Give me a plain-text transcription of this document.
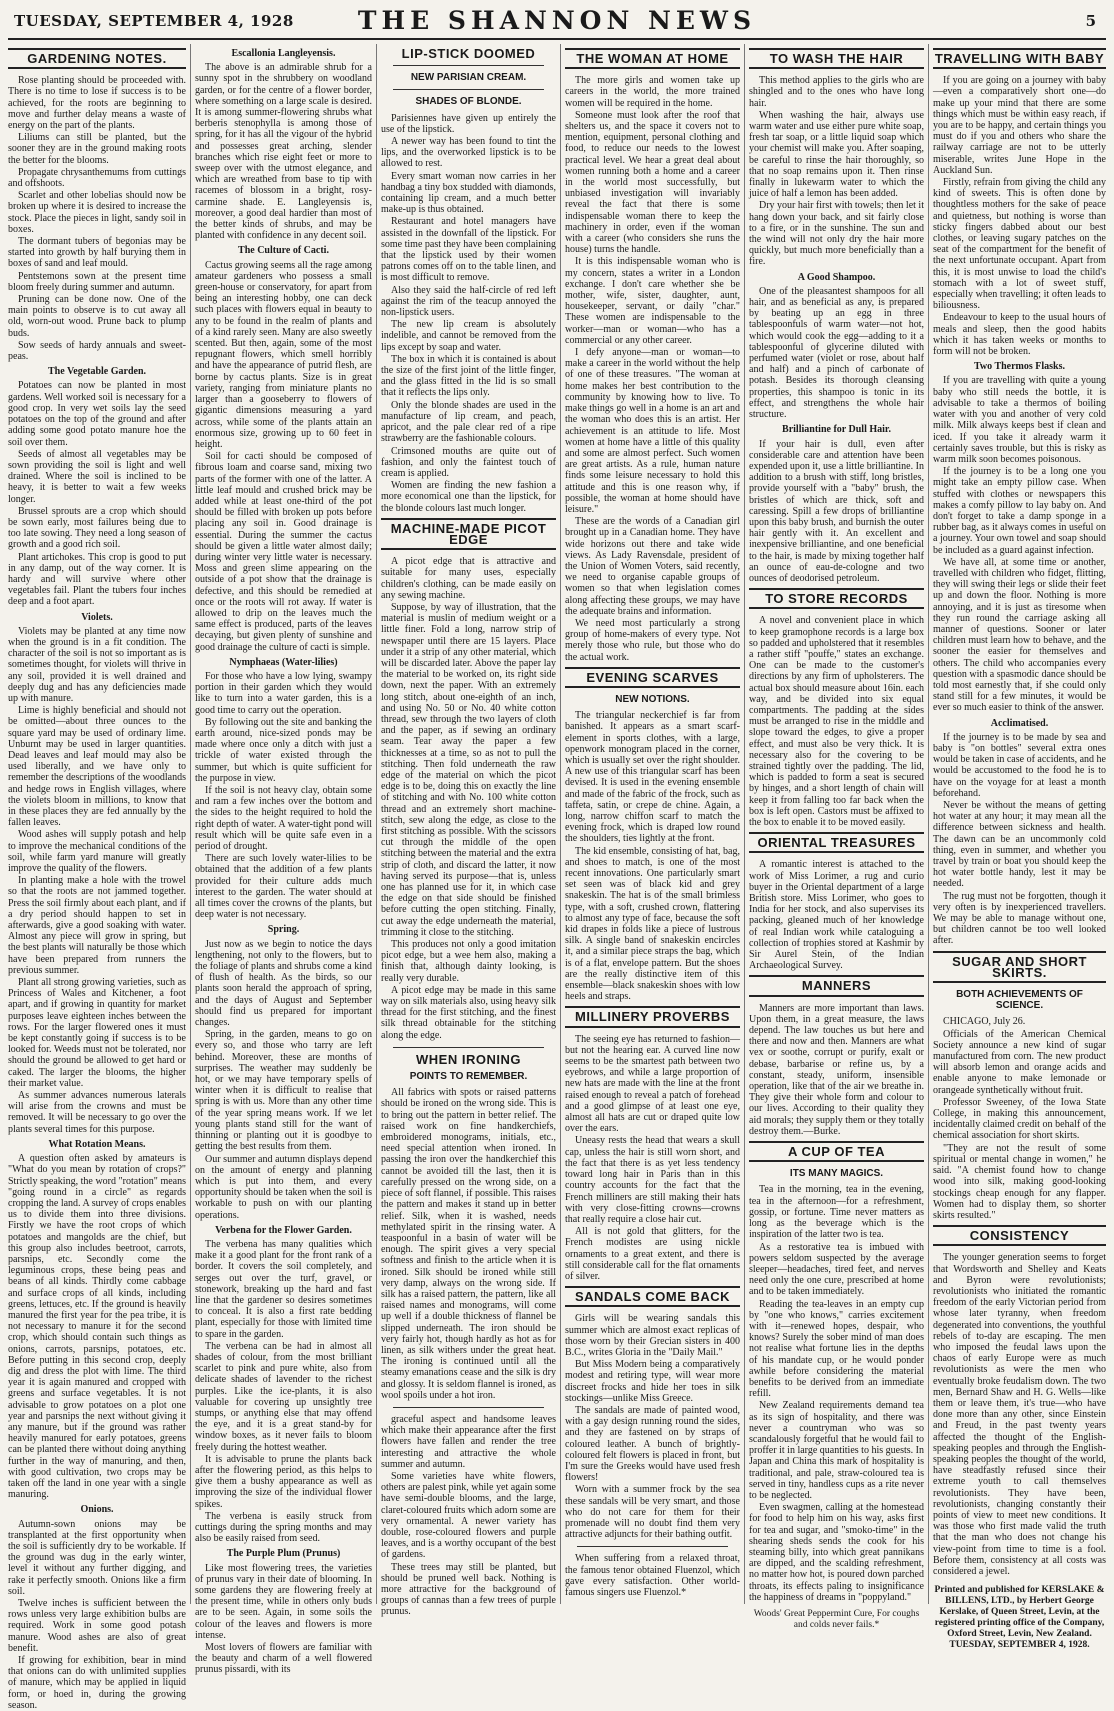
TUESDAY, SEPTEMBER 4, 1928	THE SHANNON NEWS	5
GARDENING NOTES.

Rose planting should be proceeded with. There is no time to lose if success is to be achieved, for the roots are beginning to move and further delay means a waste of energy on the part of the plants.

Liliums can still be planted, but the sooner they are in the ground making roots the better for the blooms.

Propagate chrysanthemums from cuttings and offshoots.

Scarlet and other lobelias should now be broken up where it is desired to increase the stock. Place the pieces in light, sandy soil in boxes.

The dormant tubers of begonias may be started into growth by half burying them in boxes of sand and leaf mould.

Pentstemons sown at the present time bloom freely during summer and autumn.

Pruning can be done now. One of the main points to observe is to cut away all old, worn-out wood. Prune back to plump buds.

Sow seeds of hardy annuals and sweet-peas.

The Vegetable Garden.

Potatoes can now be planted in most gardens. Well worked soil is necessary for a good crop. In very wet soils lay the seed potatoes on the top of the ground and after adding some good potato manure hoe the soil over them.

Seeds of almost all vegetables may be sown providing the soil is light and well drained. Where the soil is inclined to be heavy, it is better to wait a few weeks longer.

Brussel sprouts are a crop which should be sown early, most failures being due to too late sowing. They need a long season of growth and a good rich soil.

Plant artichokes. This crop is good to put in any damp, out of the way corner. It is hardy and will survive where other vegetables fail. Plant the tubers four inches deep and a foot apart.

Violets.

Violets may be planted at any time now when the ground is in a fit condition. The character of the soil is not so important as is sometimes thought, for violets will thrive in any soil, provided it is well drained and deeply dug and has any deficiencies made up with manure.

Lime is highly beneficial and should not be omitted—about three ounces to the square yard may be used of ordinary lime. Unburnt may be used in larger quantities. Dead leaves and leaf mould may also be used liberally, and we have only to remember the descriptions of the woodlands and hedge rows in English villages, where the violets bloom in millions, to know that in these places they are fed annually by the fallen leaves.

Wood ashes will supply potash and help to improve the mechanical conditions of the soil, while farm yard manure will greatly improve the quality of the flowers.

In planting make a hole with the trowel so that the roots are not jammed together. Press the soil firmly about each plant, and if a dry period should happen to set in afterwards, give a good soaking with water. Almost any piece will grow in spring, but the best plants will naturally be those which have been prepared from runners the previous summer.

Plant all strong growing varieties, such as Princess of Wales and Kitchener, a foot apart, and if growing in quantity for market purposes leave eighteen inches between the rows. For the larger flowered ones it must be kept constantly going if success is to be looked for. Weeds must not be tolerated, nor should the ground be allowed to get hard or caked. The larger the blooms, the higher their market value.

As summer advances numerous laterals will arise from the crowns and must be removed. It will be necessary to go over the plants several times for this purpose.

What Rotation Means.

A question often asked by amateurs is "What do you mean by rotation of crops?" Strictly speaking, the word "rotation" means "going round in a circle" as regards cropping the land. A survey of crops enables us to divide them into three divisions. Firstly we have the root crops of which potatoes and mangolds are the chief, but this group also includes beetroot, carrots, parsnips, etc. Secondly come the leguminous crops, these being peas and beans of all kinds. Thirdly come cabbage and surface crops of all kinds, including greens, lettuces, etc. If the ground is heavily manured the first year for the pea tribe, it is not necessary to manure it for the second crop, which should contain such things as onions, carrots, parsnips, potatoes, etc. Before putting in this second crop, deeply dig and dress the plot with lime. The third year it is again manured and cropped with greens and surface vegetables. It is not advisable to grow potatoes on a plot one year and parsnips the next without giving it any manure, but if the ground was rather heavily manured for early potatoes, greens can be planted there without doing anything further in the way of manuring, and then, with good cultivation, two crops may be taken off the land in one year with a single manuring.

Onions.

Autumn-sown onions may be transplanted at the first opportunity when the soil is sufficiently dry to be workable. If the ground was dug in the early winter, level it without any further digging, and rake it perfectly smooth. Onions like a firm soil.

Twelve inches is sufficient between the rows unless very large exhibition bulbs are required. Work in some good potash manure. Wood ashes are also of great benefit.

If growing for exhibition, bear in mind that onions can do with unlimited supplies of manure, which may be applied in liquid form, or hoed in, during the growing season.

Escallonia Langleyensis.

The above is an admirable shrub for a sunny spot in the shrubbery on woodland garden, or for the centre of a flower border, where something on a large scale is desired. It is among summer-flowering shrubs what berberis stenophylla is among those of spring, for it has all the vigour of the hybrid and possesses great arching, slender branches which rise eight feet or more to sweep over with the utmost elegance, and which are wreathed from base to tip with racemes of blossom in a bright, rosy-carmine shade. E. Langleyensis is, moreover, a good deal hardier than most of the better kinds of shrubs, and may be planted with confidence in any decent soil.

The Culture of Cacti.

Cactus growing seems all the rage among amateur gardeners who possess a small green-house or conservatory, for apart from being an interesting hobby, one can deck such places with flowers equal in beauty to any to be found in the realm of plants and of a kind rarely seen. Many are also sweetly scented. But then, again, some of the most repugnant flowers, which smell horribly and have the appearance of putrid flesh, are borne by cactus plants. Size is in great variety, ranging from miniature plants no larger than a gooseberry to flowers of gigantic dimensions measuring a yard across, while some of the plants attain an enormous size, growing up to 60 feet in height.

Soil for cacti should be composed of fibrous loam and coarse sand, mixing two parts of the former with one of the latter. A little leaf mould and crushed brick may be added while at least one-third of the pot should be filled with broken up pots before placing any soil in. Good drainage is essential. During the summer the cactus should be given a little water almost daily; during winter very little water is necessary. Moss and green slime appearing on the outside of a pot show that the drainage is defective, and this should be remedied at once or the roots will rot away. If water is allowed to drip on the leaves much the same effect is produced, parts of the leaves decaying, but given plenty of sunshine and good drainage the culture of cacti is simple.

Nymphaeas (Water-lilies)

For those who have a low lying, swampy portion in their garden which they would like to turn into a water garden, this is a good time to carry out the operation.

By following out the site and banking the earth around, nice-sized ponds may be made where once only a ditch with just a trickle of water existed through the summer, but which is quite sufficient for the purpose in view.

If the soil is not heavy clay, obtain some and ram a few inches over the bottom and the sides to the height required to hold the right depth of water. A water-tight pond will result which will be quite safe even in a period of drought.

There are such lovely water-lilies to be obtained that the addition of a few plants provided for their culture adds much interest to the garden. The water should at all times cover the crowns of the plants, but deep water is not necessary.

Spring.

Just now as we begin to notice the days lengthening, not only to the flowers, but to the foliage of plants and shrubs come a kind of flush of health. As the birds, so our plants soon herald the approach of spring, and the days of August and September should find us prepared for important changes.

Spring, in the garden, means to go on every so, and those who tarry are left behind. Moreover, these are months of surprises. The weather may suddenly be hot, or we may have temporary spells of winter when it is difficult to realise that spring is with us. More than any other time of the year spring means work. If we let young plants stand still for the want of thinning or planting out it is goodbye to getting the best results from them.

Our summer and autumn displays depend on the amount of energy and planning which is put into them, and every opportunity should be taken when the soil is workable to push on with our planting operations.

Verbena for the Flower Garden.

The verbena has many qualities which make it a good plant for the front rank of a border. It covers the soil completely, and serges out over the turf, gravel, or stonework, breaking up the hard and fast line that the gardener so desires sometimes to conceal. It is also a first rate bedding plant, especially for those with limited time to spare in the garden.

The verbena can be had in almost all shades of colour, from the most brilliant scarlet to pink and pure white, also from delicate shades of lavender to the richest purples. Like the ice-plants, it is also valuable for covering up unsightly tree stumps, or anything else that may offend the eye, and it is a great stand-by for window boxes, as it never fails to bloom freely during the hottest weather.

It is advisable to prune the plants back after the flowering period, as this helps to give them a bushy appearance as well as improving the size of the individual flower spikes.

The verbena is easily struck from cuttings during the spring months and may also be easily raised from seed.

The Purple Plum (Prunus)

Like most flowering trees, the varieties of prunus vary in their date of blooming. In some gardens they are flowering freely at the present time, while in others only buds are to be seen. Again, in some soils the colour of the leaves and flowers is more intense.

Most lovers of flowers are familiar with the beauty and charm of a well flowered prunus pissardi, with its

LIP-STICK DOOMED
NEW PARISIAN CREAM.
SHADES OF BLONDE.

Parisiennes have given up entirely the use of the lipstick.

A newer way has been found to tint the lips, and the overworked lipstick is to be allowed to rest.

Every smart woman now carries in her handbag a tiny box studded with diamonds, containing lip cream, and a much better make-up is thus obtained.

Restaurant and hotel managers have assisted in the downfall of the lipstick. For some time past they have been complaining that the lipstick used by their women patrons comes off on to the table linen, and is most difficult to remove.

Also they said the half-circle of red left against the rim of the teacup annoyed the non-lipstick users.

The new lip cream is absolutely indelible, and cannot be removed from the lips except by soap and water.

The box in which it is contained is about the size of the first joint of the little finger, and the glass fitted in the lid is so small that it reflects the lips only.

Only the blonde shades are used in the manufacture of lip cream, and peach, apricot, and the pale clear red of a ripe strawberry are the fashionable colours.

Crimsoned mouths are quite out of fashion, and only the faintest touch of cream is applied.

Women are finding the new fashion a more economical one than the lipstick, for the blonde colours last much longer.

MACHINE-MADE PICOT EDGE

A picot edge that is attractive and suitable for many uses, especially children's clothing, can be made easily on any sewing machine.

Suppose, by way of illustration, that the material is muslin of medium weight or a little finer. Fold a long, narrow strip of newspaper until there are 15 layers. Place under it a strip of any other material, which will be discarded later. Above the paper lay the material to be worked on, its right side down, next the paper. With an extremely long stitch, about one-eighth of an inch, and using No. 50 or No. 40 white cotton thread, sew through the two layers of cloth and the paper, as if sewing an ordinary seam. Tear away the paper a few thicknesses at a time, so as not to pull the stitching. Then fold underneath the raw edge of the material on which the picot edge is to be, doing this on exactly the line of stitching and with No. 100 white cotton thread and an extremely short machine-stitch, sew along the edge, as close to the first stitching as possible. With the scissors cut through the middle of the open stitching between the material and the extra strip of cloth, and discard the latter, it now having served its purpose—that is, unless one has planned use for it, in which case the edge on that side should be finished before cutting the open stitching. Finally, cut away the edge underneath the material, trimming it close to the stitching.

This produces not only a good imitation picot edge, but a wee hem also, making a finish that, although dainty looking, is really very durable.

A picot edge may be made in this same way on silk materials also, using heavy silk thread for the first stitching, and the finest silk thread obtainable for the stitching along the edge.

WHEN IRONING
POINTS TO REMEMBER.

All fabrics with spots or raised patterns should be ironed on the wrong side. This is to bring out the pattern in better relief. The raised work on fine handkerchiefs, embroidered monograms, initials, etc., need special attention when ironed. In passing the iron over the handkerchief this cannot be avoided till the last, then it is carefully pressed on the wrong side, on a piece of soft flannel, if possible. This raises the pattern and makes it stand up in better relief. Silk, when it is washed, needs methylated spirit in the rinsing water. A teaspoonful in a basin of water will be enough. The spirit gives a very special softness and finish to the article when it is ironed. Silk should be ironed while still very damp, always on the wrong side. If silk has a raised pattern, the pattern, like all raised names and monograms, will come up well if a double thickness of flannel be slipped underneath. The iron should be very fairly hot, though hardly as hot as for linen, as silk withers under the great heat. The ironing is continued until all the steamy emanations cease and the silk is dry and glossy. It is seldom flannel is ironed, as wool spoils under a hot iron.

graceful aspect and handsome leaves which make their appearance after the first flowers have fallen and render the tree interesting and attractive the whole summer and autumn.

Some varieties have white flowers, others are palest pink, while yet again some have semi-double blooms, and the large, claret-coloured fruits which adorn some are very ornamental. A newer variety has double, rose-coloured flowers and purple leaves, and is a worthy occupant of the best of gardens.

These trees may still be planted, but should be pruned well back. Nothing is more attractive for the background of groups of cannas than a few trees of purple prunus.

THE WOMAN AT HOME

The more girls and women take up careers in the world, the more trained women will be required in the home.

Someone must look after the roof that shelters us, and the space it covers not to mention, equipment, personal clothing and food, to reduce our needs to the lowest practical level. We hear a great deal about women running both a home and a career in the world most successfully, but unbiased investigation will invariably reveal the fact that there is some indispensable woman there to keep the machinery in order, even if the woman with a career (who considers she runs the house) turns the handle.

It is this indispensable woman who is my concern, states a writer in a London exchange. I don't care whether she be mother, wife, sister, daughter, aunt, housekeeper, servant, or daily "char." These women are indispensable to the worker—man or woman—who has a commercial or any other career.

I defy anyone—man or woman—to make a career in the world without the help of one of these treasures. "The woman at home makes her best contribution to the community by knowing how to live. To make things go well in a home is an art and the woman who does this is an artist. Her achievement is an attitude to life. Most women at home have a little of this quality and some are almost perfect. Such women are great artists. As a rule, human nature finds some leisure necessary to hold this attitude and this is one reason why, if possible, the woman at home should have leisure."

These are the words of a Canadian girl brought up in a Canadian home. They have wide horizons out there and take wide views. As Lady Ravensdale, president of the Union of Women Voters, said recently, we need to organise capable groups of women so that when legislation comes along affecting these groups, we may have the adequate brains and information.

We need most particularly a strong group of home-makers of every type. Not merely those who rule, but those who do the actual work.

EVENING SCARVES
NEW NOTIONS.

The triangular neckerchief is far from banished. It appears as a smart scarf-element in sports clothes, with a large, openwork monogram placed in the corner, which is usually set over the right shoulder. A new use of this triangular scarf has been devised. It is used in the evening ensemble and made of the fabric of the frock, such as taffeta, satin, or crepe de chine. Again, a long, narrow chiffon scarf to match the evening frock, which is draped low round the shoulders, ties lightly at the front.

The kid ensemble, consisting of hat, bag, and shoes to match, is one of the most recent innovations. One particularly smart set seen was of black kid and grey snakeskin. The hat is of the small brimless type, with a soft, crushed crown, flattering to almost any type of face, because the soft kid drapes in folds like a piece of lustrous silk. A single band of snakeskin encircles it, and a similar piece straps the bag, which is of a flat, envelope pattern. But the shoes are the really distinctive item of this ensemble—black snakeskin shoes with low heels and straps.

MILLINERY PROVERBS

The seeing eye has returned to fashion—but not the hearing ear. A curved line now seems to be the smartest path between two eyebrows, and while a large proportion of new hats are made with the line at the front raised enough to reveal a patch of forehead and a good glimpse of at least one eye, almost all hats are cut or draped quite low over the ears.

Uneasy rests the head that wears a skull cap, unless the hair is still worn short, and the fact that there is as yet less tendency toward long hair in Paris than in this country accounts for the fact that the French milliners are still making their hats with very close-fitting crowns—crowns that really require a close hair cut.

All is not gold that glitters, for the French modistes are using nickle ornaments to a great extent, and there is still considerable call for the flat ornaments of silver.

SANDALS COME BACK

Girls will be wearing sandals this summer which are almost exact replicas of those worn by their Grecian sisters in 400 B.C., writes Gloria in the "Daily Mail."

But Miss Modern being a comparatively modest and retiring type, will wear more discreet frocks and hide her toes in silk stockings—unlike Miss Greece.

The sandals are made of painted wood, with a gay design running round the sides, and they are fastened on by straps of coloured leather. A bunch of brightly-coloured felt flowers is placed in front, but I'm sure the Greeks would have used fresh flowers!

Worn with a summer frock by the sea these sandals will be very smart, and those who do not care for them for their promenade will no doubt find them very attractive adjuncts for their bathing outfit.

When suffering from a relaxed throat, the famous tenor obtained Fluenzol, which gave every satisfaction. Other world-famous singers use Fluenzol.*

TO WASH THE HAIR

This method applies to the girls who are shingled and to the ones who have long hair.

When washing the hair, always use warm water and use either pure white soap, fresh tar soap, or a little liquid soap which your chemist will make you. After soaping, be careful to rinse the hair thoroughly, so that no soap remains upon it. Then rinse finally in lukewarm water to which the juice of half a lemon has been added.

Dry your hair first with towels; then let it hang down your back, and sit fairly close to a fire, or in the sunshine. The sun and the wind will not only dry the hair more quickly, but much more beneficially than a fire.

A Good Shampoo.

One of the pleasantest shampoos for all hair, and as beneficial as any, is prepared by beating up an egg in three tablespoonfuls of warm water—not hot, which would cook the egg—adding to it a tablespoonful of glycerine diluted with perfumed water (violet or rose, about half and half) and a pinch of carbonate of potash. Besides its thorough cleansing properties, this shampoo is tonic in its effect, and strengthens the whole hair structure.

Brilliantine for Dull Hair.

If your hair is dull, even after considerable care and attention have been expended upon it, use a little brilliantine. In addition to a brush with stiff, long bristles, provide yourself with a "baby" brush, the bristles of which are thick, soft and caressing. Spill a few drops of brilliantine upon this baby brush, and burnish the outer hair gently with it. An excellent and inexpensive brilliantine, and one beneficial to the hair, is made by mixing together half an ounce of eau-de-cologne and two ounces of deodorised petroleum.

TO STORE RECORDS

A novel and convenient place in which to keep gramophone records is a large box so padded and upholstered that it resembles a rather stiff "pouffe," states an exchange. One can be made to the customer's directions by any firm of upholsterers. The actual box should measure about 16in. each way, and be divided into six equal compartments. The padding at the sides must be arranged to rise in the middle and slope toward the edges, to give a proper effect, and must also be very thick. It is necessary also for the covering to be strained tightly over the padding. The lid, which is padded to form a seat is secured by hinges, and a short length of chain will keep it from falling too far back when the box is left open. Castors must be affixed to the box to enable it to be moved easily.

ORIENTAL TREASURES

A romantic interest is attached to the work of Miss Lorimer, a rug and curio buyer in the Oriental department of a large British store. Miss Lorimer, who goes to India for her stock, and also supervises its packing, gleaned much of her knowledge of real Indian work while cataloguing a collection of trophies stored at Kashmir by Sir Aurel Stein, of the Indian Archaeological Survey.

MANNERS

Manners are more important than laws. Upon them, in a great measure, the laws depend. The law touches us but here and there and now and then. Manners are what vex or soothe, corrupt or purify, exalt or debase, barbarise or refine us, by a constant, steady, uniform, insensible operation, like that of the air we breathe in. They give their whole form and colour to our lives. According to their quality they aid morals; they supply them or they totally destroy them.—Burke.

A CUP OF TEA
ITS MANY MAGICS.

Tea in the morning, tea in the evening, tea in the afternoon—for a refreshment, gossip, or fortune. Time never matters as long as the beverage which is the inspiration of the latter two is tea.

As a restorative tea is imbued with powers seldom suspected by the average sleeper—headaches, tired feet, and nerves need only the one cure, prescribed at home and to be taken immediately.

Reading the tea-leaves in an empty cup by "one who knows," carries excitement with it—renewed hopes, despair, who knows? Surely the sober mind of man does not realise what fortune lies in the depths of his mandate cup, or he would ponder awhile before considering the material benefits to be derived from an immediate refill.

New Zealand requirements demand tea as its sign of hospitality, and there was never a countryman who was so scandalously forgetful that he would fail to proffer it in large quantities to his guests. In Japan and China this mark of hospitality is traditional, and pale, straw-coloured tea is served in tiny, handless cups as a rite never to be neglected.

Even swagmen, calling at the homestead for food to help him on his way, asks first for tea and sugar, and "smoko-time" in the shearing sheds sends the cook for his steaming billy, into which great pannikans are dipped, and the scalding refreshment, no matter how hot, is poured down parched throats, its effects paling to insignificance the happiness of dreams in "poppyland."

Woods' Great Peppermint Cure, For coughs and colds never fails.*

TRAVELLING WITH BABY

If you are going on a journey with baby—even a comparatively short one—do make up your mind that there are some things which must be within easy reach, if you are to be happy, and certain things you must do if you and others who share the railway carriage are not to be utterly miserable, writes June Hope in the Auckland Sun.

Firstly, refrain from giving the child any kind of sweets. This is often done by thoughtless mothers for the sake of peace and quietness, but nothing is worse than sticky fingers dabbed about our best clothes, or leaving sugary patches on the seat of the compartment for the benefit of the next unfortunate occupant. Apart from this, it is most unwise to load the child's stomach with a lot of sweet stuff, especially when travelling; it often leads to biliousness.

Endeavour to keep to the usual hours of meals and sleep, then the good habits which it has taken weeks or months to form will not be broken.

Two Thermos Flasks.

If you are travelling with quite a young baby who still needs the bottle, it is advisable to take a thermos of boiling water with you and another of very cold milk. Milk always keeps best if clean and iced. If you take it already warm it certainly saves trouble, but this is risky as warm milk soon becomes poisonous.

If the journey is to be a long one you might take an empty pillow case. When stuffed with clothes or newspapers this makes a comfy pillow to lay baby on. And don't forget to take a damp sponge in a rubber bag, as it always comes in useful on a journey. Your own towel and soap should be included as a guard against infection.

We have all, at some time or another, travelled with children who fidget, flitting, they will swing their legs or slide their feet up and down the floor. Nothing is more annoying, and it is just as tiresome when they run round the carriage asking all manner of questions. Sooner or later children must learn how to behave, and the sooner the easier for themselves and others. The child who accompanies every question with a spasmodic dance should be told most earnestly that, if she could only stand still for a few minutes, it would be ever so much easier to think of the answer.

Acclimatised.

If the journey is to be made by sea and baby is "on bottles" several extra ones would be taken in case of accidents, and he would be accustomed to the food he is to have on the voyage for at least a month beforehand.

Never be without the means of getting hot water at any hour; it may mean all the difference between sickness and health. The dawn can be an uncommonly cold thing, even in summer, and whether you travel by train or boat you should keep the hot water bottle handy, lest it may be needed.

The rug must not be forgotten, though it very often is by inexperienced travellers. We may be able to manage without one, but children cannot be too well looked after.

SUGAR AND SHORT SKIRTS.
BOTH ACHIEVEMENTS OF SCIENCE.

CHICAGO, July 26.

Officials of the American Chemical Society announce a new kind of sugar manufactured from corn. The new product will absorb lemon and orange acids and enable anyone to make lemonade or orangeade synthetically without fruit.

Professor Sweeney, of the Iowa State College, in making this announcement, incidentally claimed credit on behalf of the chemical association for short skirts.

"They are not the result of some spiritual or mental change in women," he said. "A chemist found how to change wood into silk, making good-looking stockings cheap enough for any flapper. Women had to display them, so shorter skirts resulted."

CONSISTENCY

The younger generation seems to forget that Wordsworth and Shelley and Keats and Byron were revolutionists; revolutionists who initiated the romantic freedom of the early Victorian period from whose later tyranny, when freedom degenerated into conventions, the youthful rebels of to-day are escaping. The men who imposed the feudal laws upon the chaos of early Europe were as much revolutionists as were the men who eventually broke feudalism down. The two men, Bernard Shaw and H. G. Wells—like them or leave them, it's true—who have done more than any other, since Einstein and Freud, in the past twenty years affected the thought of the English-speaking peoples and through the English-speaking peoples the thought of the world, have steadfastly refused since their extreme youth to call themselves revolutionists. They have been, revolutionists, changing constantly their points of view to meet new conditions. It was those who first made valid the truth that the man who does not change his view-point from time to time is a fool. Before them, consistency at all costs was considered a jewel.

Printed and published for KERSLAKE & BILLENS, LTD., by Herbert George Kerslake, of Queen Street, Levin, at the registered printing office of the Company, Oxford Street, Levin, New Zealand. TUESDAY, SEPTEMBER 4, 1928.
